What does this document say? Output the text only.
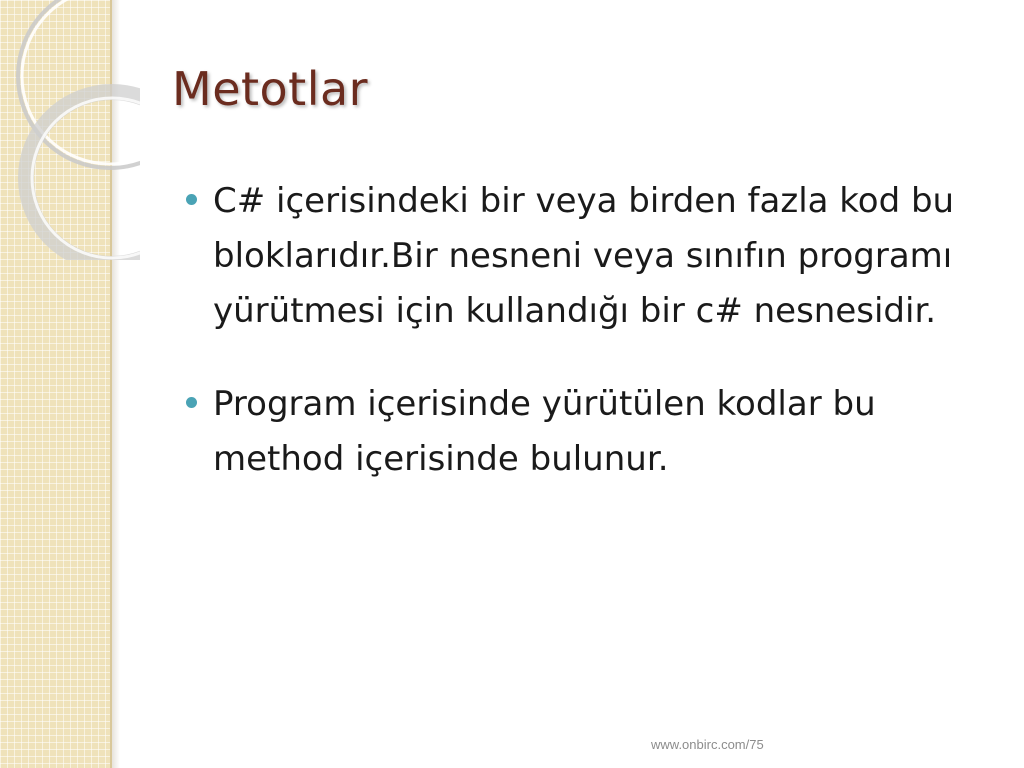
Metotlar
C# içerisindeki bir veya birden fazla kod bu bloklarıdır.Bir nesneni veya sınıfın programı yürütmesi için kullandığı bir c# nesnesidir.
Program içerisinde yürütülen kodlar bu method içerisinde bulunur.
www.onbirc.com/75
